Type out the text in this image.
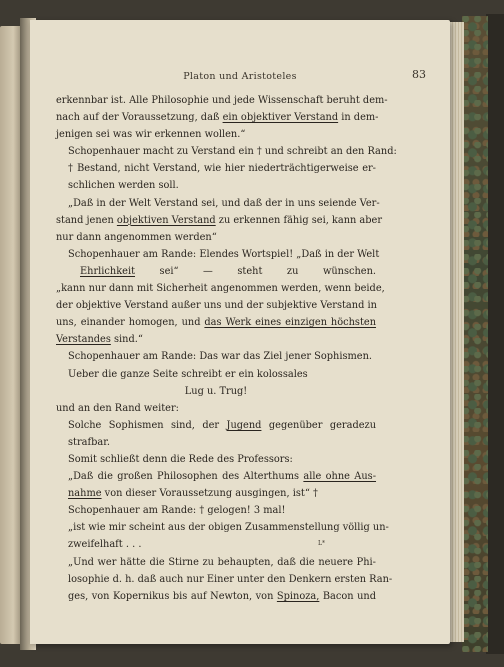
Platon und Aristoteles	83
erkennbar ist. Alle Philosophie und jede Wissenschaft beruht dem-
nach auf der Voraussetzung, daß ein objektiver Verstand in dem-
jenigen sei was wir erkennen wollen.“
Schopenhauer macht zu Verstand ein † und schreibt an den Rand:
† Bestand, nicht Verstand, wie hier niederträchtigerweise er-
schlichen werden soll.
„Daß in der Welt Verstand sei, und daß der in uns seiende Ver-
stand jenen objektiven Verstand zu erkennen fähig sei, kann aber
nur dann angenommen werden“
Schopenhauer am Rande: Elendes Wortspiel! „Daß in der Welt
Ehrlichkeit sei“ — steht zu wünschen.
„kann nur dann mit Sicherheit angenommen werden, wenn beide,
der objektive Verstand außer uns und der subjektive Verstand in
uns, einander homogen, und das Werk eines einzigen höchsten
Verstandes sind.“
Schopenhauer am Rande: Das war das Ziel jener Sophismen.
Ueber die ganze Seite schreibt er ein kolossales
Lug u. Trug!
und an den Rand weiter:
Solche Sophismen sind, der Jugend gegenüber geradezu
strafbar.
Somit schließt denn die Rede des Professors:
„Daß die großen Philosophen des Alterthums alle ohne Aus-
nahme von dieser Voraussetzung ausgingen, ist“ †
Schopenhauer am Rande: † gelogen! 3 mal!
„ist wie mir scheint aus der obigen Zusammenstellung völlig un-
zweifelhaft . . .
„Und wer hätte die Stirne zu behaupten, daß die neuere Phi-
losophie d. h. daß auch nur Einer unter den Denkern ersten Ran-
ges, von Kopernikus bis auf Newton, von Spinoza, Bacon und
L*
